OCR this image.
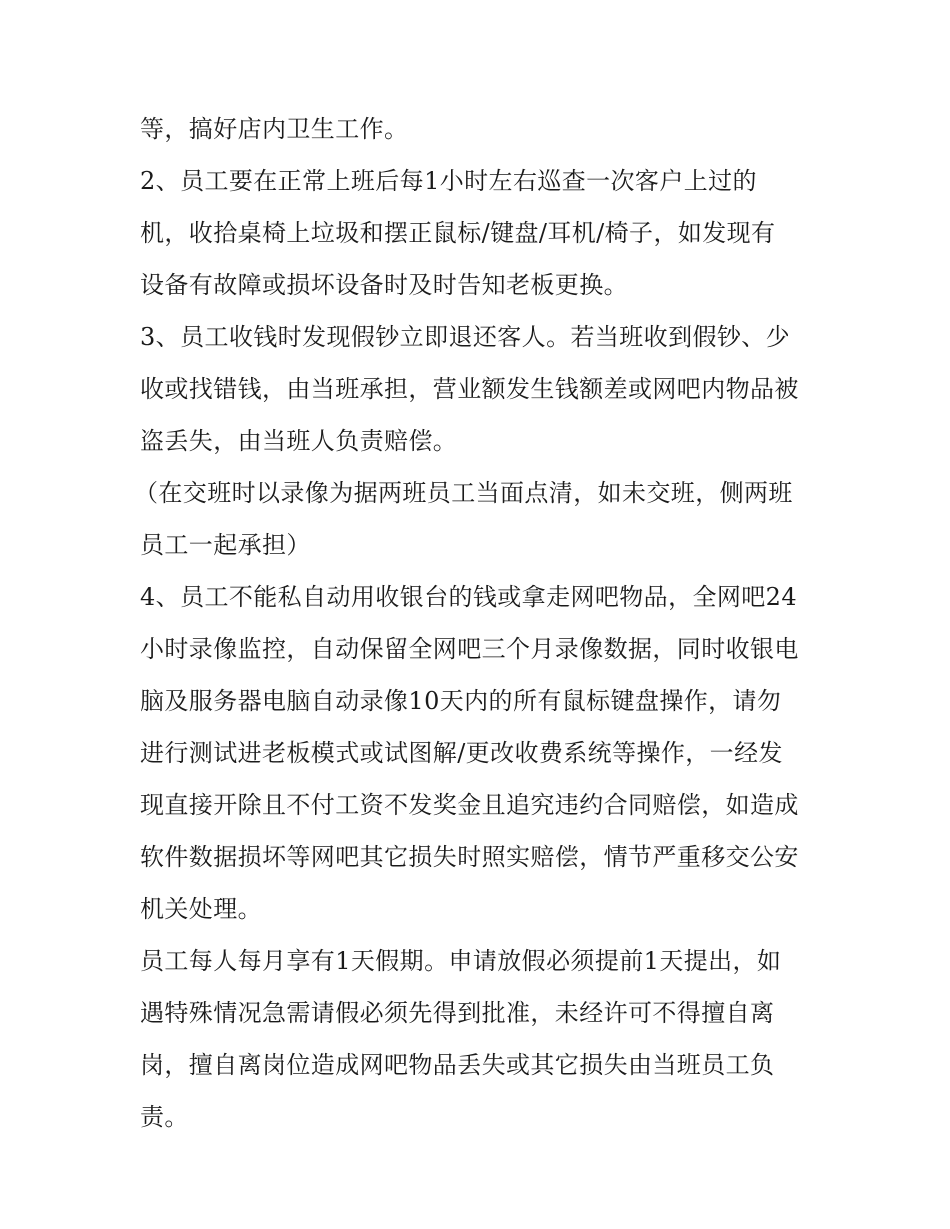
等，搞好店内卫生工作。
2、员工要在正常上班后每1小时左右巡查一次客户上过的
机，收拾桌椅上垃圾和摆正鼠标/键盘/耳机/椅子，如发现有
设备有故障或损坏设备时及时告知老板更换。
3、员工收钱时发现假钞立即退还客人。若当班收到假钞、少
收或找错钱，由当班承担，营业额发生钱额差或网吧内物品被
盗丢失，由当班人负责赔偿。
（在交班时以录像为据两班员工当面点清，如未交班，侧两班
员工一起承担）
4、员工不能私自动用收银台的钱或拿走网吧物品，全网吧24
小时录像监控，自动保留全网吧三个月录像数据，同时收银电
脑及服务器电脑自动录像10天内的所有鼠标键盘操作，请勿
进行测试进老板模式或试图解/更改收费系统等操作，一经发
现直接开除且不付工资不发奖金且追究违约合同赔偿，如造成
软件数据损坏等网吧其它损失时照实赔偿，情节严重移交公安
机关处理。
员工每人每月享有1天假期。申请放假必须提前1天提出，如
遇特殊情况急需请假必须先得到批准，未经许可不得擅自离
岗，擅自离岗位造成网吧物品丢失或其它损失由当班员工负
责。
